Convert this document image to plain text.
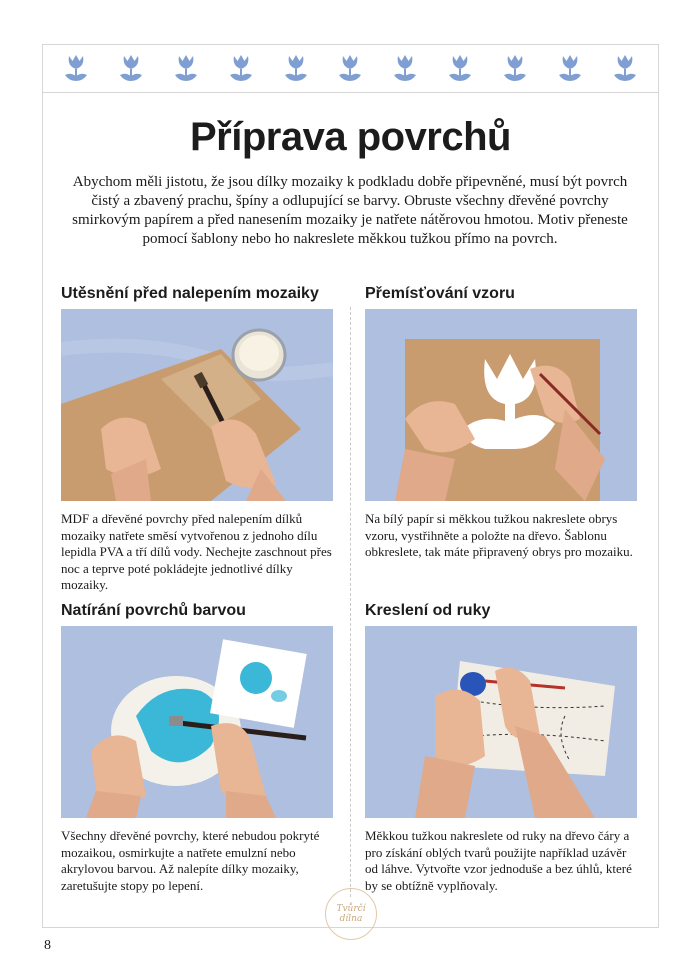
Příprava povrchů

Abychom měli jistotu, že jsou dílky mozaiky k podkladu dobře připevněné, musí být povrch čistý a zbavený prachu, špíny a odlupující se barvy. Obruste všechny dřevěné povrchy smirkovým papírem a před nanesením mozaiky je natřete nátěrovou hmotou. Motiv přeneste pomocí šablony nebo ho nakreslete měkkou tužkou přímo na povrch.

Utěsnění před nalepením mozaiky

MDF a dřevěné povrchy před nalepením dílků mozaiky natřete směsí vytvořenou z jednoho dílu lepidla PVA a tří dílů vody. Nechejte zaschnout přes noc a teprve poté pokládejte jednotlivé dílky mozaiky.

Přemísťování vzoru

Na bílý papír si měkkou tužkou nakreslete obrys vzoru, vystřihněte a položte na dřevo. Šablonu obkreslete, tak máte připravený obrys pro mozaiku.

Natírání povrchů barvou

Všechny dřevěné povrchy, které nebudou pokryté mozaikou, osmirkujte a natřete emulzní nebo akrylovou barvou. Až nalepíte dílky mozaiky, zaretušujte stopy po lepení.

Kreslení od ruky

Měkkou tužkou nakreslete od ruky na dřevo čáry a pro získání oblých tvarů použijte například uzávěr od láhve. Vytvořte vzor jednoduše a bez úhlů, které by se obtížně vyplňovaly.

Tvůrčí
dílna
8
